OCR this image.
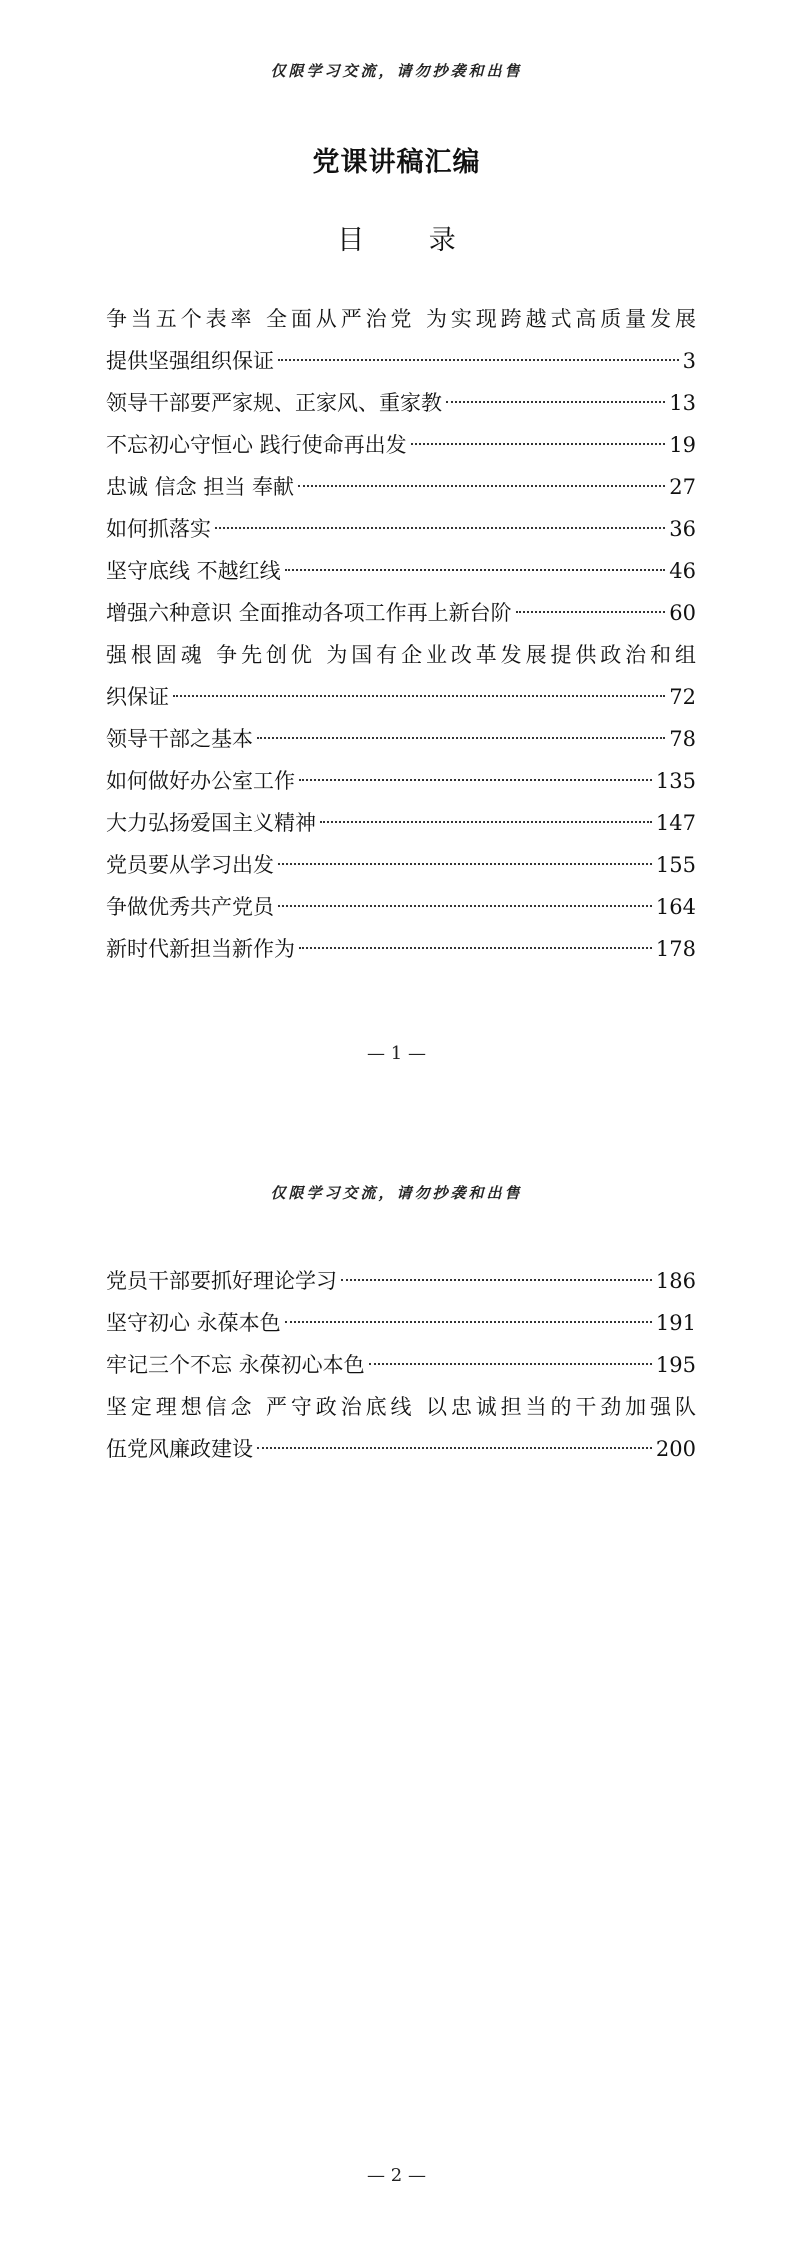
仅限学习交流，请勿抄袭和出售
党课讲稿汇编
目 录
争当五个表率 全面从严治党 为实现跨越式高质量发展
提供坚强组织保证	3
领导干部要严家规、正家风、重家教	13
不忘初心守恒心 践行使命再出发	19
忠诚 信念 担当 奉献	27
如何抓落实	36
坚守底线 不越红线	46
增强六种意识 全面推动各项工作再上新台阶	60
强根固魂 争先创优 为国有企业改革发展提供政治和组
织保证	72
领导干部之基本	78
如何做好办公室工作	135
大力弘扬爱国主义精神	147
党员要从学习出发	155
争做优秀共产党员	164
新时代新担当新作为	178
— 1 —
仅限学习交流，请勿抄袭和出售
党员干部要抓好理论学习	186
坚守初心 永葆本色	191
牢记三个不忘 永葆初心本色	195
坚定理想信念 严守政治底线 以忠诚担当的干劲加强队
伍党风廉政建设	200
— 2 —
